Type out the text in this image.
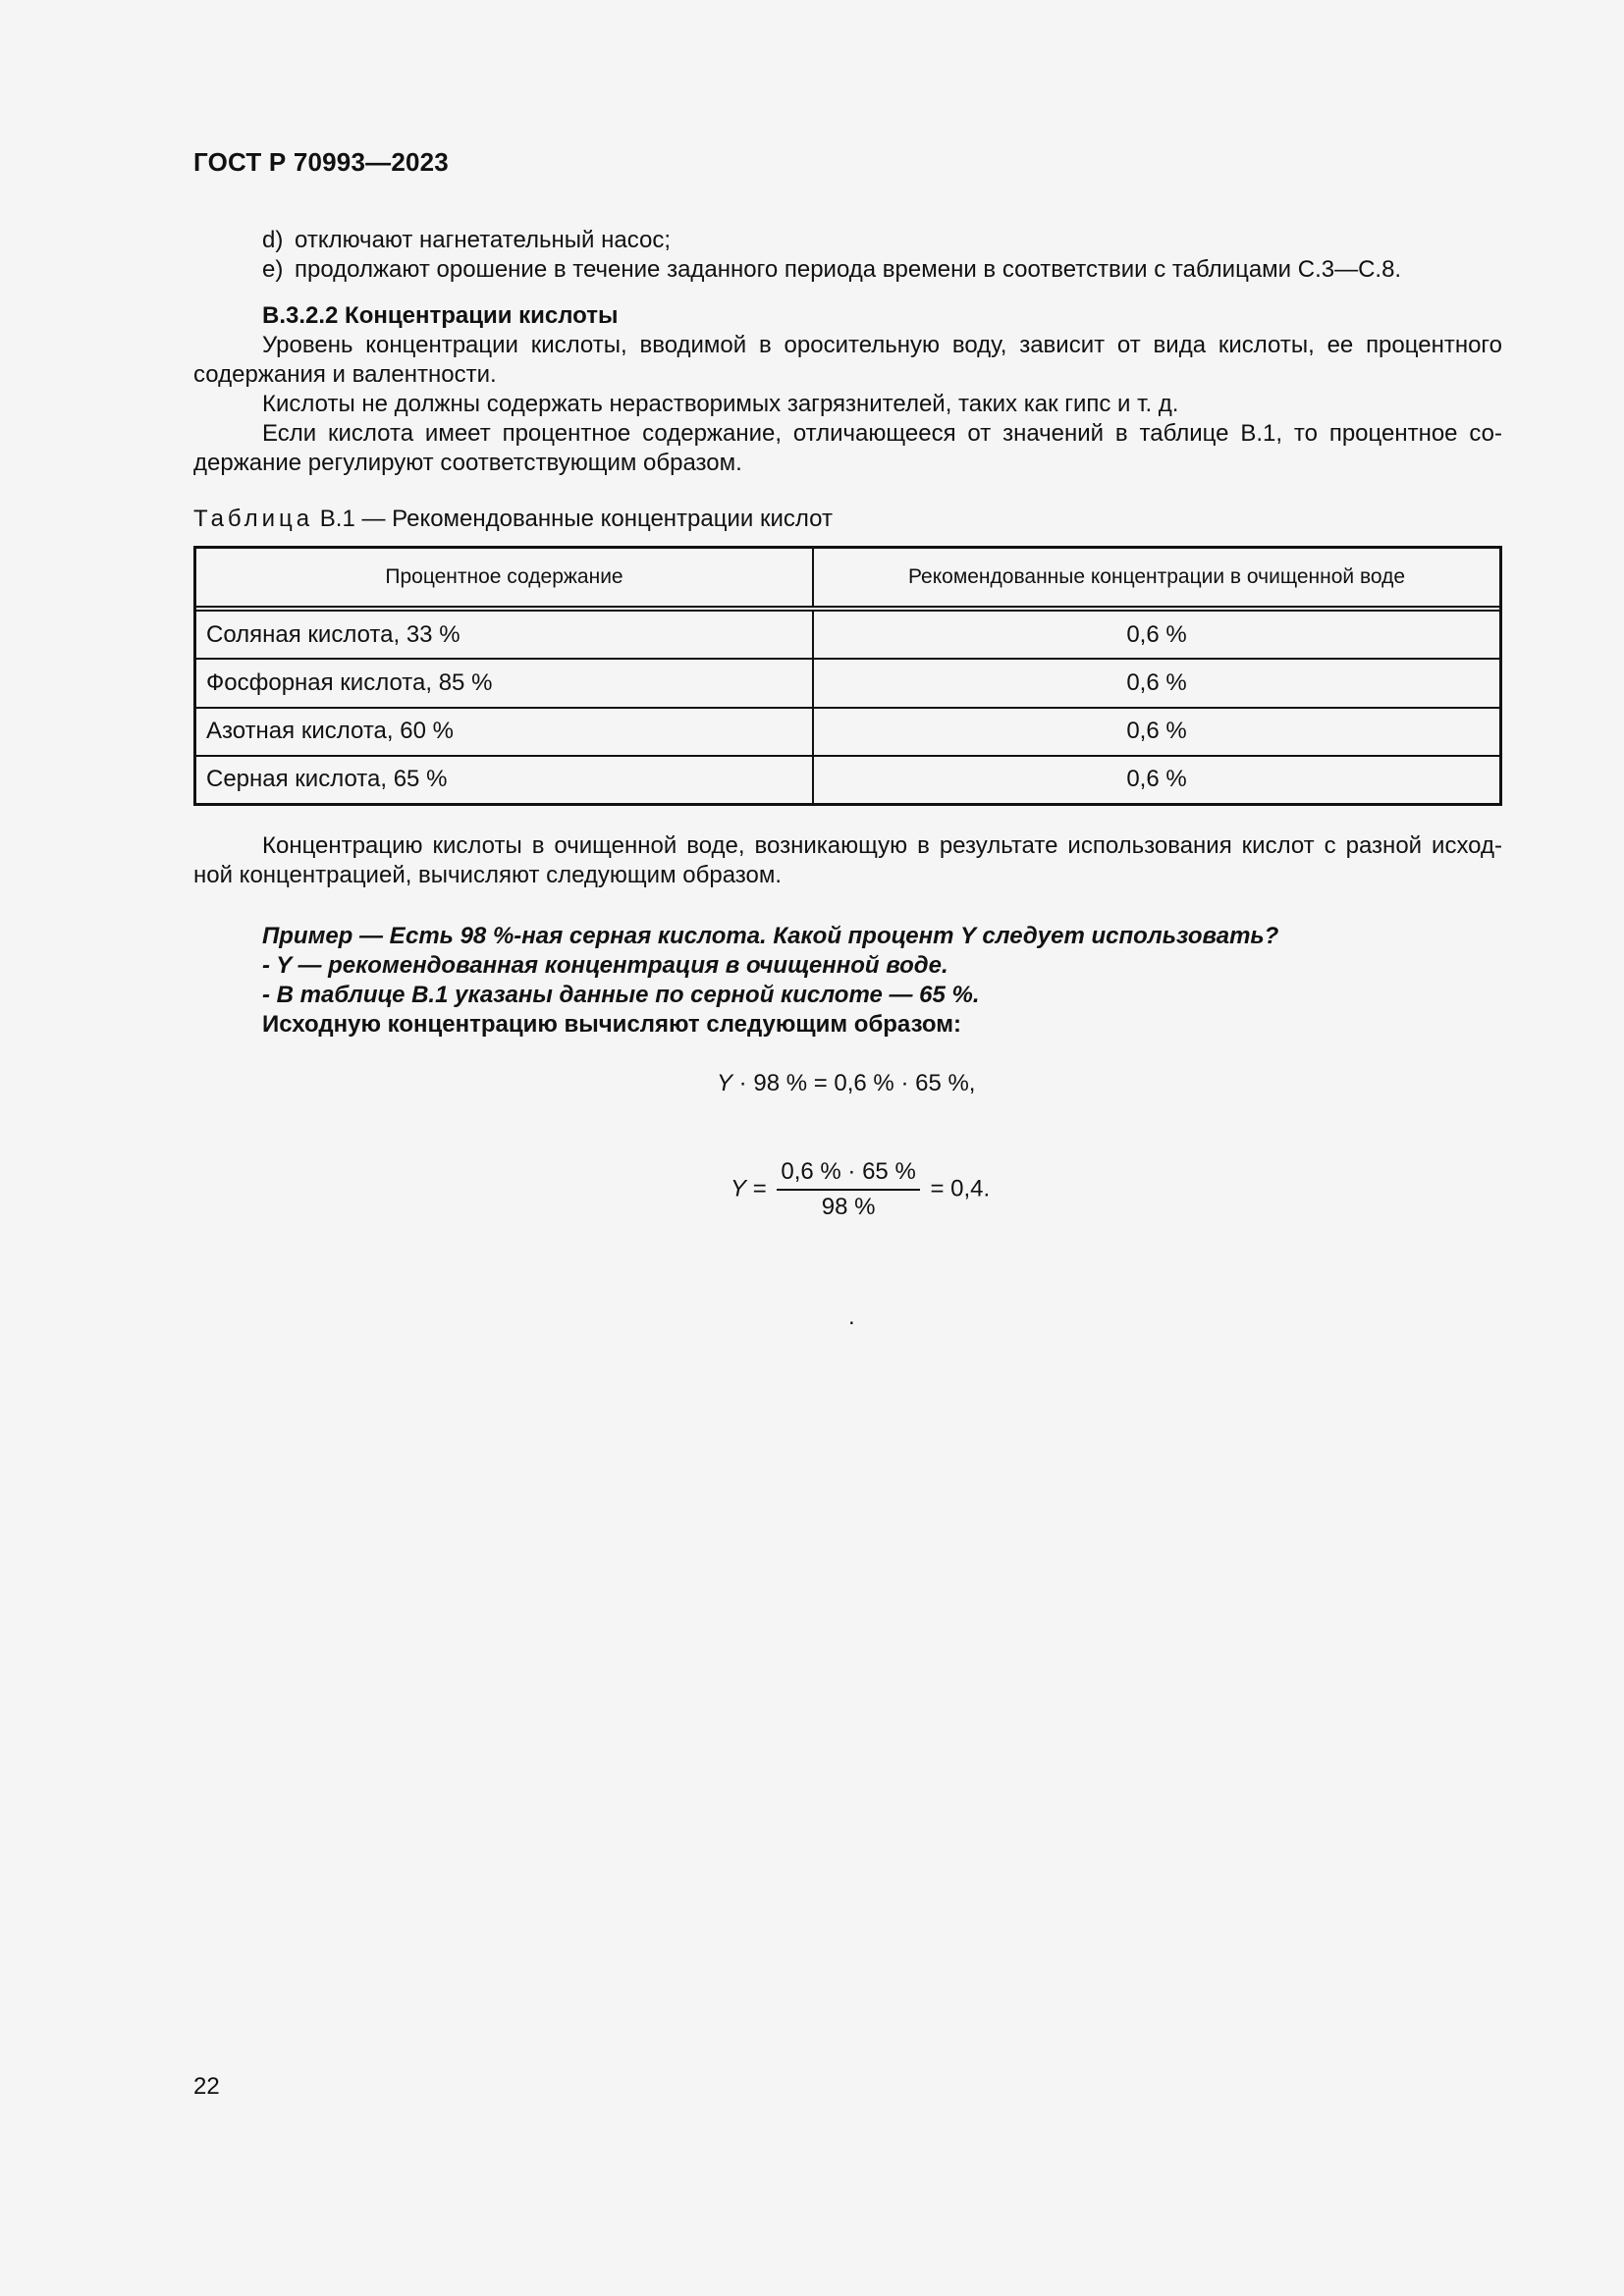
ГОСТ Р 70993—2023
d) отключают нагнетательный насос;
e) продолжают орошение в течение заданного периода времени в соответствии с таблицами С.3—С.8.
В.3.2.2 Концентрации кислоты
Уровень концентрации кислоты, вводимой в оросительную воду, зависит от вида кислоты, ее процентного
содержания и валентности.
Кислоты не должны содержать нерастворимых загрязнителей, таких как гипс и т. д.
Если кислота имеет процентное содержание, отличающееся от значений в таблице В.1, то процентное со-
держание регулируют соответствующим образом.
Таблица В.1 — Рекомендованные концентрации кислот
Процентное содержание	Рекомендованные концентрации в очищенной воде
Соляная кислота, 33 %	0,6 %
Фосфорная кислота, 85 %	0,6 %
Азотная кислота, 60 %	0,6 %
Серная кислота, 65 %	0,6 %
Концентрацию кислоты в очищенной воде, возникающую в результате использования кислот с разной исход-
ной концентрацией, вычисляют следующим образом.
Пример — Есть 98 %-ная серная кислота. Какой процент Y следует использовать?
- Y — рекомендованная концентрация в очищенной воде.
- В таблице В.1 указаны данные по серной кислоте — 65 %.
Исходную концентрацию вычисляют следующим образом:
Y · 98 % = 0,6 % · 65 %,
$Y = \frac{0,6 \% \cdot 65 \%}{98 \%} = 0,4$.
.
22
